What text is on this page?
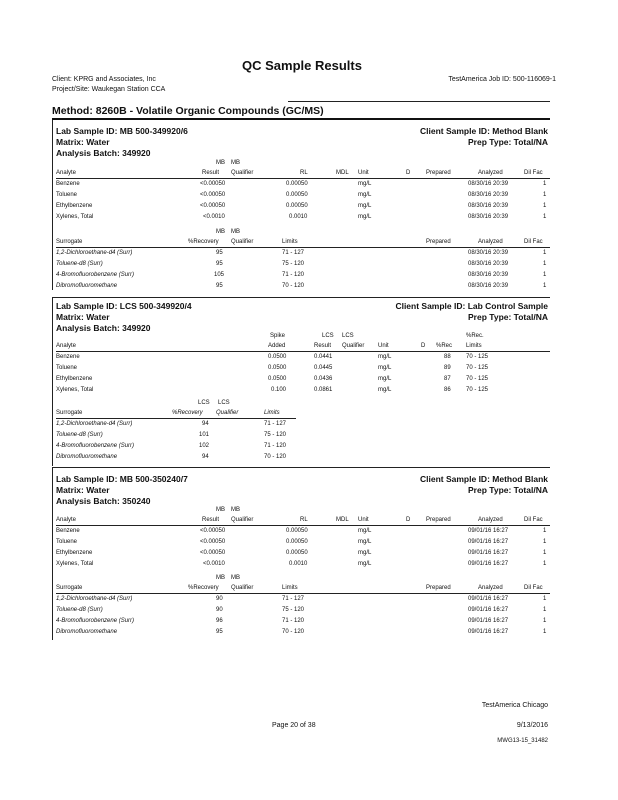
QC Sample Results
Client: KPRG and Associates, Inc
Project/Site: Waukegan Station CCA
TestAmerica Job ID: 500-116069-1
Method: 8260B - Volatile Organic Compounds (GC/MS)
Lab Sample ID: MB 500-349920/6	Client Sample ID: Method Blank
Matrix: Water	Prep Type: Total/NA
Analysis Batch: 349920
MB MB
Analyte	Result Qualifier	RL	MDL Unit	D	Prepared	Analyzed	Dil Fac
Benzene	<0.00050	0.00050	mg/L	08/30/16 20:39	1
Toluene	<0.00050	0.00050	mg/L	08/30/16 20:39	1
Ethylbenzene	<0.00050	0.00050	mg/L	08/30/16 20:39	1
Xylenes, Total	<0.0010	0.0010	mg/L	08/30/16 20:39	1
MB MB
Surrogate	%Recovery Qualifier	Limits	Prepared	Analyzed	Dil Fac
1,2-Dichloroethane-d4 (Surr)	95	71 - 127	08/30/16 20:39	1
Toluene-d8 (Surr)	95	75 - 120	08/30/16 20:39	1
4-Bromofluorobenzene (Surr)	105	71 - 120	08/30/16 20:39	1
Dibromofluoromethane	95	70 - 120	08/30/16 20:39	1
Lab Sample ID: LCS 500-349920/4	Client Sample ID: Lab Control Sample
Matrix: Water	Prep Type: Total/NA
Analysis Batch: 349920
Spike	LCS LCS	%Rec.
Analyte	Added	Result Qualifier Unit	D %Rec Limits
Benzene	0.0500	0.0441	mg/L	88	70 - 125
Toluene	0.0500	0.0445	mg/L	89	70 - 125
Ethylbenzene	0.0500	0.0436	mg/L	87	70 - 125
Xylenes, Total	0.100	0.0861	mg/L	86	70 - 125
LCS LCS
Surrogate	%Recovery Qualifier	Limits
1,2-Dichloroethane-d4 (Surr)	94	71 - 127
Toluene-d8 (Surr)	101	75 - 120
4-Bromofluorobenzene (Surr)	102	71 - 120
Dibromofluoromethane	94	70 - 120
Lab Sample ID: MB 500-350240/7	Client Sample ID: Method Blank
Matrix: Water	Prep Type: Total/NA
Analysis Batch: 350240
MB MB
Analyte	Result Qualifier	RL	MDL Unit	D	Prepared	Analyzed	Dil Fac
Benzene	<0.00050	0.00050	mg/L	09/01/16 16:27	1
Toluene	<0.00050	0.00050	mg/L	09/01/16 16:27	1
Ethylbenzene	<0.00050	0.00050	mg/L	09/01/16 16:27	1
Xylenes, Total	<0.0010	0.0010	mg/L	09/01/16 16:27	1
MB MB
Surrogate	%Recovery Qualifier	Limits	Prepared	Analyzed	Dil Fac
1,2-Dichloroethane-d4 (Surr)	90	71 - 127	09/01/16 16:27	1
Toluene-d8 (Surr)	90	75 - 120	09/01/16 16:27	1
4-Bromofluorobenzene (Surr)	96	71 - 120	09/01/16 16:27	1
Dibromofluoromethane	95	70 - 120	09/01/16 16:27	1
TestAmerica Chicago
Page 20 of 38	9/13/2016
MWG13-15_31482
